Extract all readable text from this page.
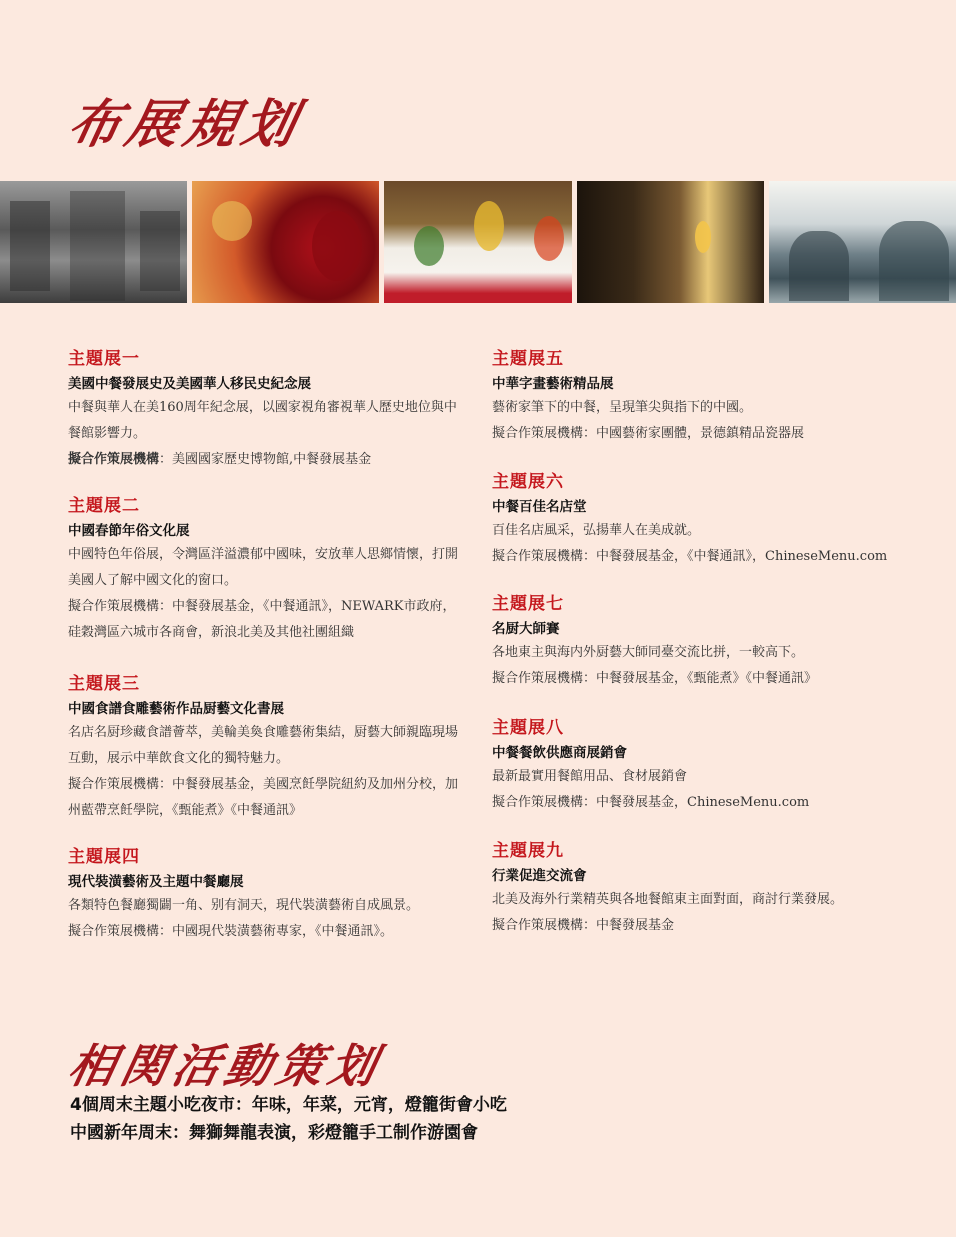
布展規划

主題展一

美國中餐發展史及美國華人移民史紀念展

中餐與華人在美160周年紀念展，以國家視角審視華人歷史地位與中餐館影響力。

擬合作策展機構：美國國家歷史博物館,中餐發展基金

主題展二

中國春節年俗文化展

中國特色年俗展，令灣區洋溢濃郁中國味，安放華人思鄉情懷，打開美國人了解中國文化的窗口。

擬合作策展機構：中餐發展基金，《中餐通訊》，NEWARK市政府，硅穀灣區六城市各商會，新浪北美及其他社團組織

主題展三

中國食譜食雕藝術作品厨藝文化書展

名店名厨珍藏食譜薈萃，美輪美奐食雕藝術集結，厨藝大師親臨現場互動，展示中華飲食文化的獨特魅力。

擬合作策展機構：中餐發展基金，美國烹飪學院紐約及加州分校，加州藍帶烹飪學院，《甄能煮》《中餐通訊》

主題展四

現代裝潢藝術及主題中餐廳展

各類特色餐廳獨闢一角、别有洞天，現代裝潢藝術自成風景。

擬合作策展機構：中國現代裝潢藝術專家，《中餐通訊》。

主題展五

中華字畫藝術精品展

藝術家筆下的中餐，呈現筆尖與指下的中國。

擬合作策展機構：中國藝術家團體，景德鎮精品瓷器展

主題展六

中餐百佳名店堂

百佳名店風采，弘揚華人在美成就。

擬合作策展機構：中餐發展基金，《中餐通訊》，ChineseMenu.com

主題展七

名厨大師賽

各地東主與海内外厨藝大師同臺交流比拼，一較高下。

擬合作策展機構：中餐發展基金，《甄能煮》《中餐通訊》

主題展八

中餐餐飲供應商展銷會

最新最實用餐館用品、食材展銷會

擬合作策展機構：中餐發展基金，ChineseMenu.com

主題展九

行業促進交流會

北美及海外行業精英與各地餐館東主面對面，商討行業發展。

擬合作策展機構：中餐發展基金

相関活動策划
4個周末主題小吃夜市：年味，年菜，元宵，燈籠街會小吃
中國新年周末：舞獅舞龍表演，彩燈籠手工制作游園會
